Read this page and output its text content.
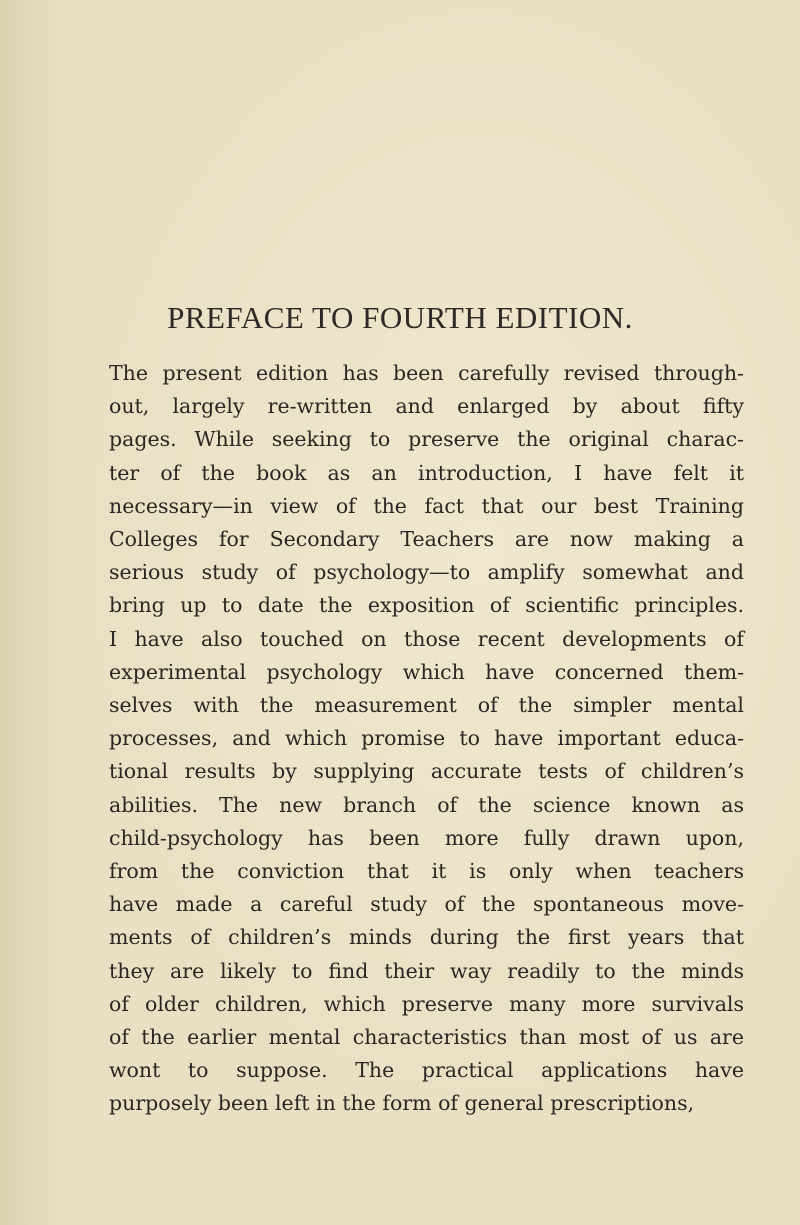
PREFACE TO FOURTH EDITION.
The present edition has been carefully revised through-
out, largely re-written and enlarged by about fifty
pages. While seeking to preserve the original charac-
ter of the book as an introduction, I have felt it
necessary—in view of the fact that our best Training
Colleges for Secondary Teachers are now making a
serious study of psychology—to amplify somewhat and
bring up to date the exposition of scientific principles.
I have also touched on those recent developments of
experimental psychology which have concerned them-
selves with the measurement of the simpler mental
processes, and which promise to have important educa-
tional results by supplying accurate tests of children’s
abilities. The new branch of the science known as
child-psychology has been more fully drawn upon,
from the conviction that it is only when teachers
have made a careful study of the spontaneous move-
ments of children’s minds during the first years that
they are likely to find their way readily to the minds
of older children, which preserve many more survivals
of the earlier mental characteristics than most of us are
wont to suppose. The practical applications have
purposely been left in the form of general prescriptions,
